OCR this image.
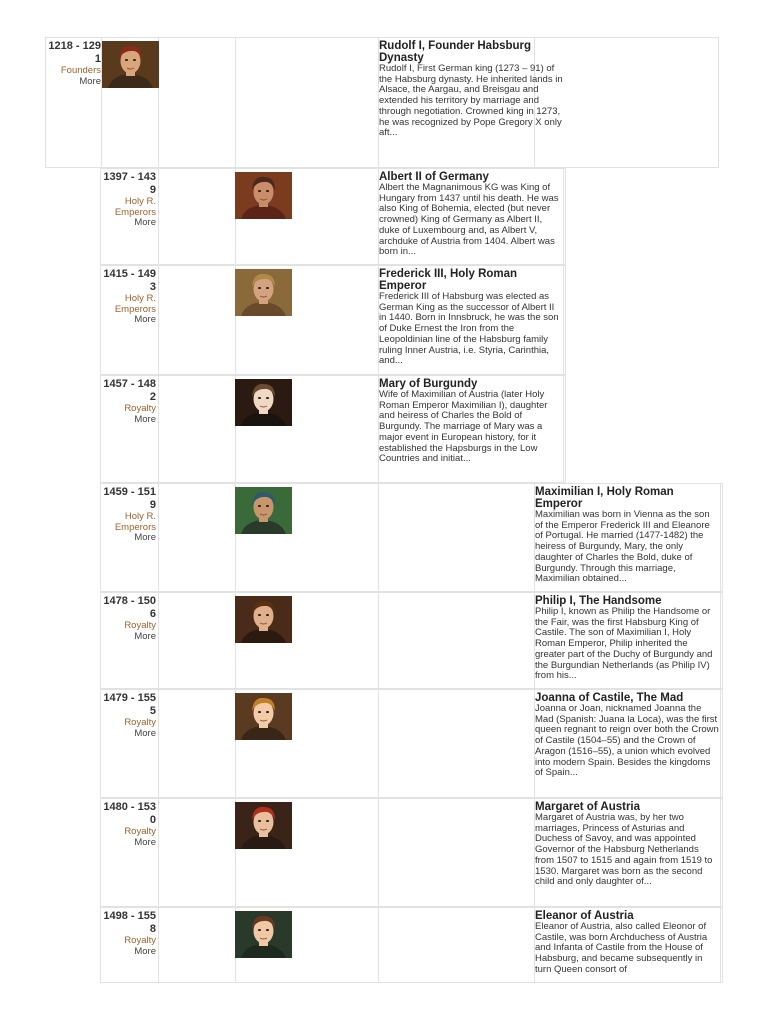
1218 - 1291
Founders
More
Rudolf I, Founder Habsburg Dynasty
Rudolf I, First German king (1273 – 91) of the Habsburg dynasty. He inherited lands in Alsace, the Aargau, and Breisgau and extended his territory by marriage and through negotiation. Crowned king in 1273, he was recognized by Pope Gregory X only aft...
1397 - 1439
Holy R. Emperors
More
Albert II of Germany
Albert the Magnanimous KG was King of Hungary from 1437 until his death. He was also King of Bohemia, elected (but never crowned) King of Germany as Albert II, duke of Luxembourg and, as Albert V, archduke of Austria from 1404. Albert was born in...
1415 - 1493
Holy R. Emperors
More
Frederick III, Holy Roman Emperor
Frederick III of Habsburg was elected as German King as the successor of Albert II in 1440. Born in Innsbruck, he was the son of Duke Ernest the Iron from the Leopoldinian line of the Habsburg family ruling Inner Austria, i.e. Styria, Carinthia, and...
1457 - 1482
Royalty
More
Mary of Burgundy
Wife of Maximilian of Austria (later Holy Roman Emperor Maximilian I), daughter and heiress of Charles the Bold of Burgundy. The marriage of Mary was a major event in European history, for it established the Hapsburgs in the Low Countries and initiat...
1459 - 1519
Holy R. Emperors
More
Maximilian I, Holy Roman Emperor
Maximilian was born in Vienna as the son of the Emperor Frederick III and Eleanore of Portugal. He married (1477-1482) the heiress of Burgundy, Mary, the only daughter of Charles the Bold, duke of Burgundy. Through this marriage, Maximilian obtained...
1478 - 1506
Royalty
More
Philip I, The Handsome
Philip I, known as Philip the Handsome or the Fair, was the first Habsburg King of Castile. The son of Maximilian I, Holy Roman Emperor, Philip inherited the greater part of the Duchy of Burgundy and the Burgundian Netherlands (as Philip IV) from his...
1479 - 1555
Royalty
More
Joanna of Castile, The Mad
Joanna or Joan, nicknamed Joanna the Mad (Spanish: Juana la Loca), was the first queen regnant to reign over both the Crown of Castile (1504–55) and the Crown of Aragon (1516–55), a union which evolved into modern Spain. Besides the kingdoms of Spain...
1480 - 1530
Royalty
More
Margaret of Austria
Margaret of Austria was, by her two marriages, Princess of Asturias and Duchess of Savoy, and was appointed Governor of the Habsburg Netherlands from 1507 to 1515 and again from 1519 to 1530. Margaret was born as the second child and only daughter of...
1498 - 1558
Royalty
More
Eleanor of Austria
Eleanor of Austria, also called Eleonor of Castile, was born Archduchess of Austria and Infanta of Castile from the House of Habsburg, and became subsequently in turn Queen consort of
